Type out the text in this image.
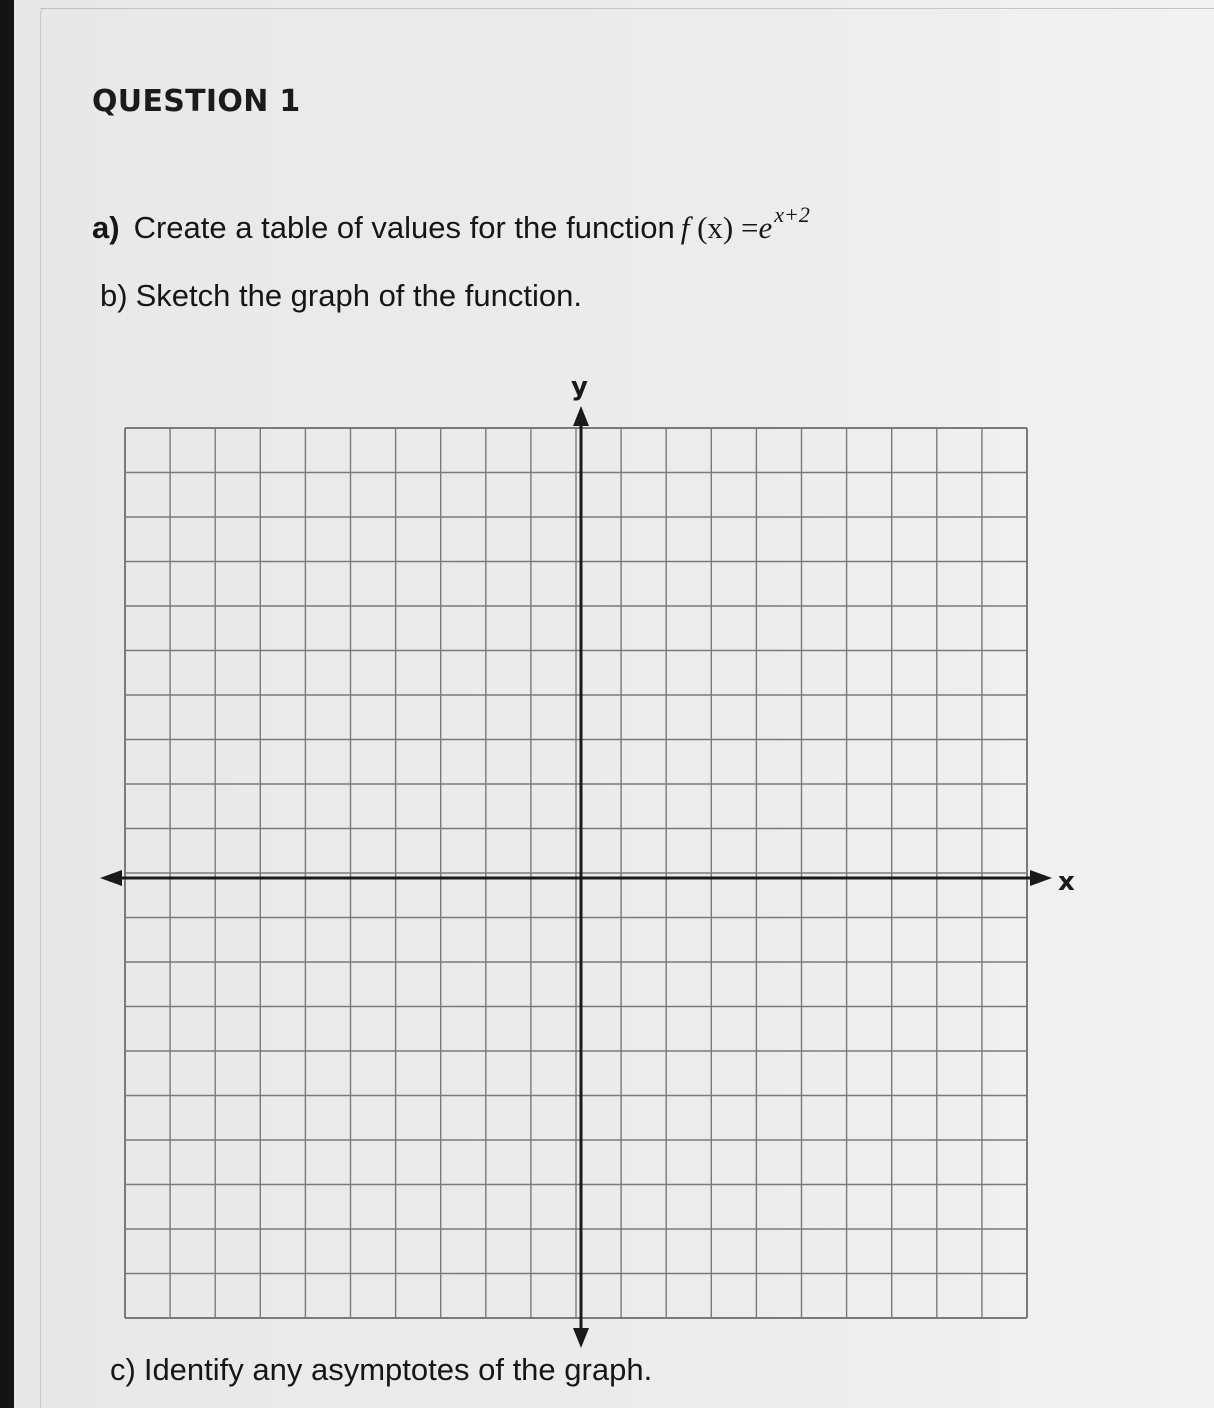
QUESTION 1
a) Create a table of values for the function f $(x) =e^{x+2}$
b) Sketch the graph of the function.
x
y
c) Identify any asymptotes of the graph.
